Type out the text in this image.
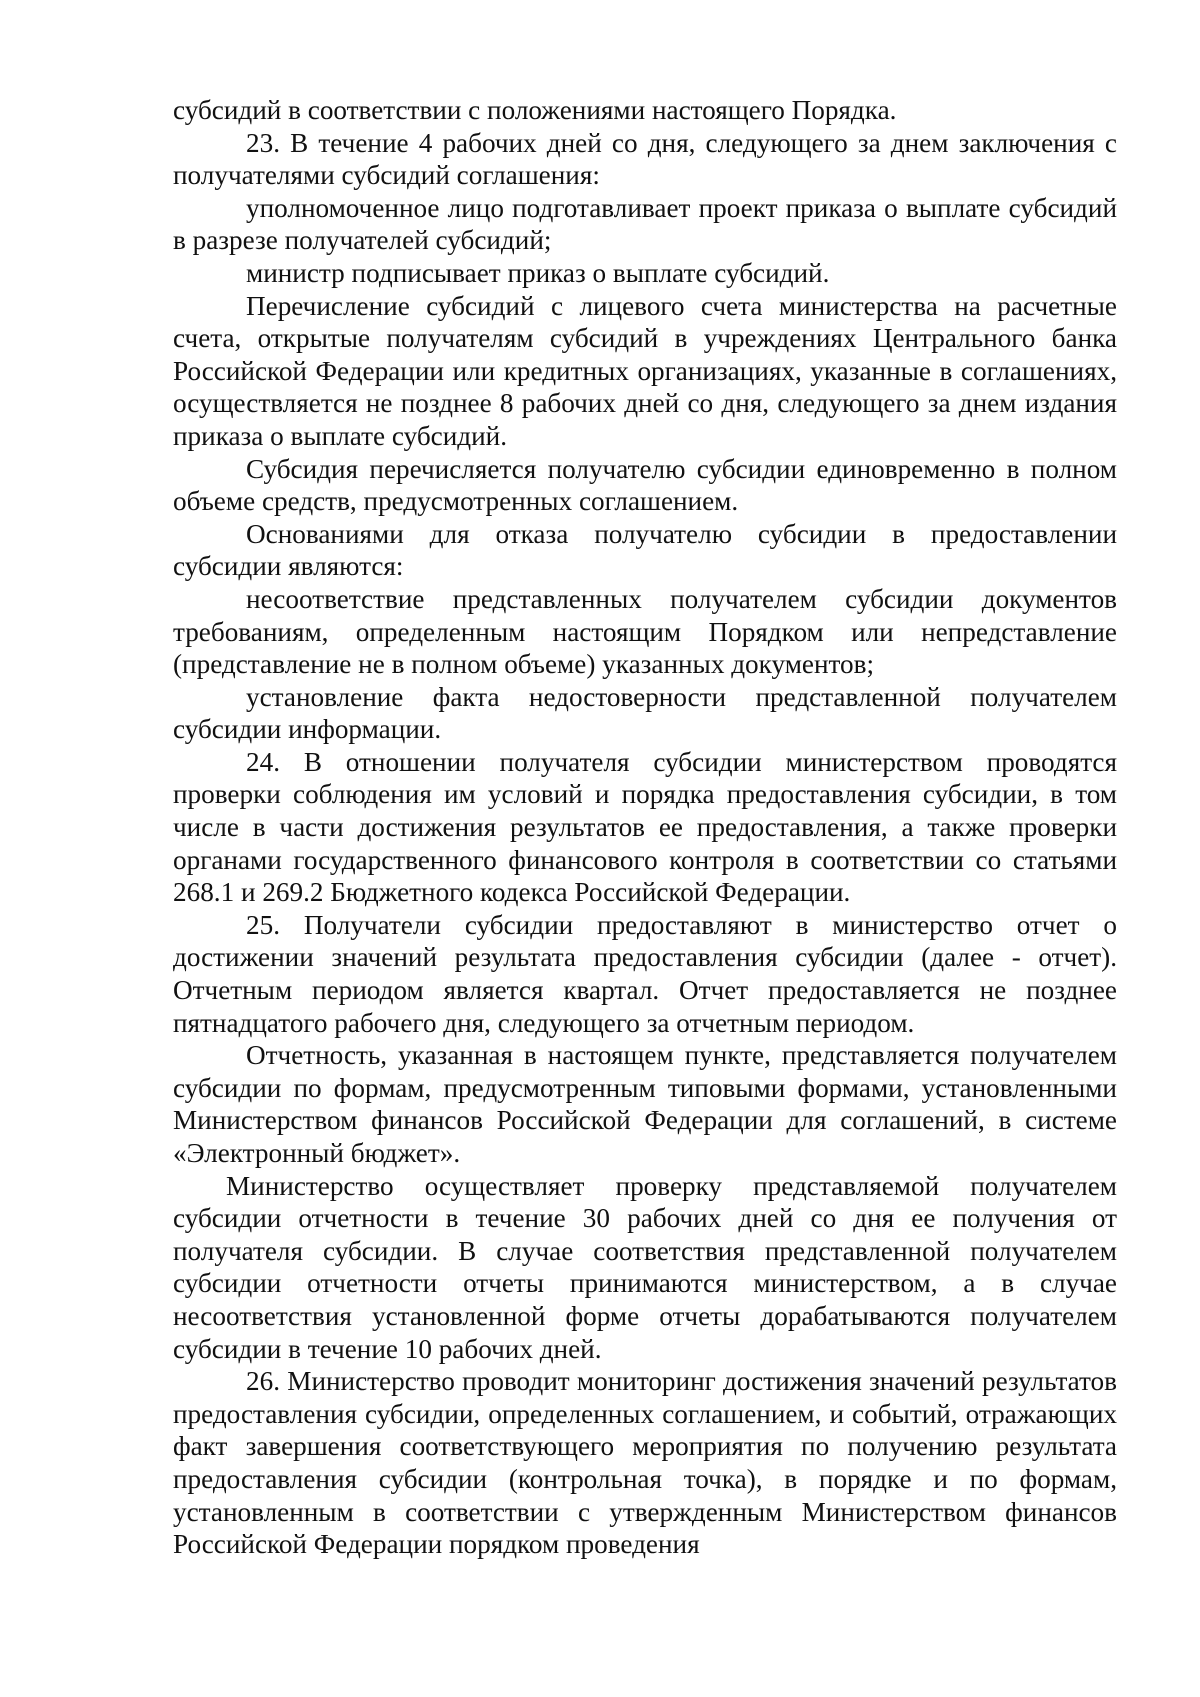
субсидий в соответствии с положениями настоящего Порядка.

23. В течение 4 рабочих дней со дня, следующего за днем заключения с получателями субсидий соглашения:

уполномоченное лицо подготавливает проект приказа о выплате субсидий в разрезе получателей субсидий;

министр подписывает приказ о выплате субсидий.

Перечисление субсидий с лицевого счета министерства на расчетные счета, открытые получателям субсидий в учреждениях Центрального банка Российской Федерации или кредитных организациях, указанные в соглашениях, осуществляется не позднее 8 рабочих дней со дня, следующего за днем издания приказа о выплате субсидий.

Субсидия перечисляется получателю субсидии единовременно в полном объеме средств, предусмотренных соглашением.

Основаниями для отказа получателю субсидии в предоставлении субсидии являются:

несоответствие представленных получателем субсидии документов требованиям, определенным настоящим Порядком или непредставление (представление не в полном объеме) указанных документов;

установление факта недостоверности представленной получателем субсидии информации.

24. В отношении получателя субсидии министерством проводятся проверки соблюдения им условий и порядка предоставления субсидии, в том числе в части достижения результатов ее предоставления, а также проверки органами государственного финансового контроля в соответствии со статьями 268.1 и 269.2 Бюджетного кодекса Российской Федерации.

25. Получатели субсидии предоставляют в министерство отчет о достижении значений результата предоставления субсидии (далее - отчет). Отчетным периодом является квартал. Отчет предоставляется не позднее пятнадцатого рабочего дня, следующего за отчетным периодом.

Отчетность, указанная в настоящем пункте, представляется получателем субсидии по формам, предусмотренным типовыми формами, установленными Министерством финансов Российской Федерации для соглашений, в системе «Электронный бюджет».

Министерство осуществляет проверку представляемой получателем субсидии отчетности в течение 30 рабочих дней со дня ее получения от получателя субсидии. В случае соответствия представленной получателем субсидии отчетности отчеты принимаются министерством, а в случае несоответствия установленной форме отчеты дорабатываются получателем субсидии в течение 10 рабочих дней.

26. Министерство проводит мониторинг достижения значений результатов предоставления субсидии, определенных соглашением, и событий, отражающих факт завершения соответствующего мероприятия по получению результата предоставления субсидии (контрольная точка), в порядке и по формам, установленным в соответствии с утвержденным Министерством финансов Российской Федерации порядком проведения
